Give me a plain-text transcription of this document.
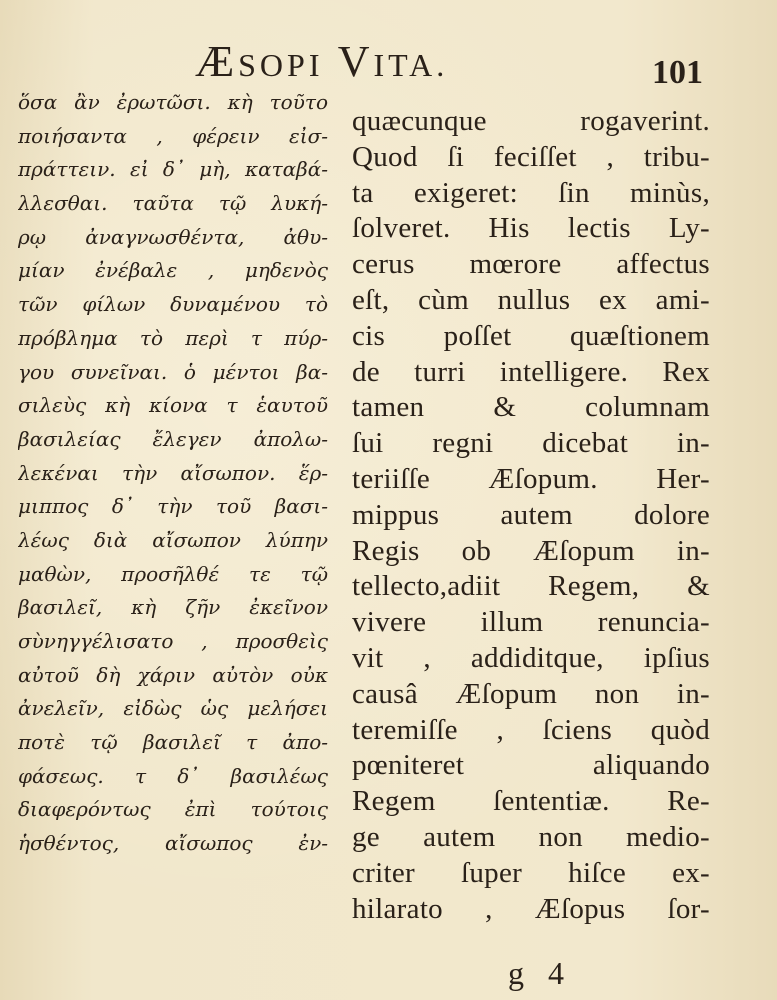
ÆSOPI VITA.	101
ὅσα ἂν ἐρωτῶσι. κὴ τοῦτο
ποιήσαντα , φέρειν εἰσ-
πράττειν. εἰ δ᾽ μὴ, καταβά-
λλεσθαι. ταῦτα τῷ λυκή-
ρῳ ἀναγνωσθέντα, ἀθυ-
μίαν ἐνέβαλε , μηδενὸς
τῶν φίλων δυναμένου τὸ
πρόβλημα τὸ περὶ τ πύρ-
γου συνεῖναι. ὁ μέντοι βα-
σιλεὺς κὴ κίονα τ ἑαυτοῦ
βασιλείας ἔλεγεν ἀπολω-
λεκέναι τὴν αἴσωπον. ἕρ-
μιππος δ᾽ τὴν τοῦ βασι-
λέως διὰ αἴσωπον λύπην
μαθὼν, προσῆλθέ τε τῷ
βασιλεῖ, κὴ ζῆν ἐκεῖνον
σὺνηγγέλισατο , προσθεὶς
αὐτοῦ δὴ χάριν αὐτὸν οὐκ
ἀνελεῖν, εἰδὼς ὡς μελήσει
ποτὲ τῷ βασιλεῖ τ ἀπο-
φάσεως. τ δ᾽ βασιλέως
διαφερόντως ἐπὶ τούτοις
ἡσθέντος, αἴσωπος ἐν-
quæcunque rogaverint.
Quod ſi feciſſet , tribu-
ta exigeret: ſin minùs,
ſolveret. His lectis Ly-
cerus mœrore affectus
eſt, cùm nullus ex ami-
cis poſſet quæſtionem
de turri intelligere. Rex
tamen & columnam
ſui regni dicebat in-
teriiſſe Æſopum. Her-
mippus autem dolore
Regis ob Æſopum in-
tellecto,adiit Regem, &
vivere illum renuncia-
vit , addiditque, ipſius
causâ Æſopum non in-
teremiſſe , ſciens quòd
pœniteret aliquando
Regem ſententiæ. Re-
ge autem non medio-
criter ſuper hiſce ex-
hilarato , Æſopus ſor-
g 4
